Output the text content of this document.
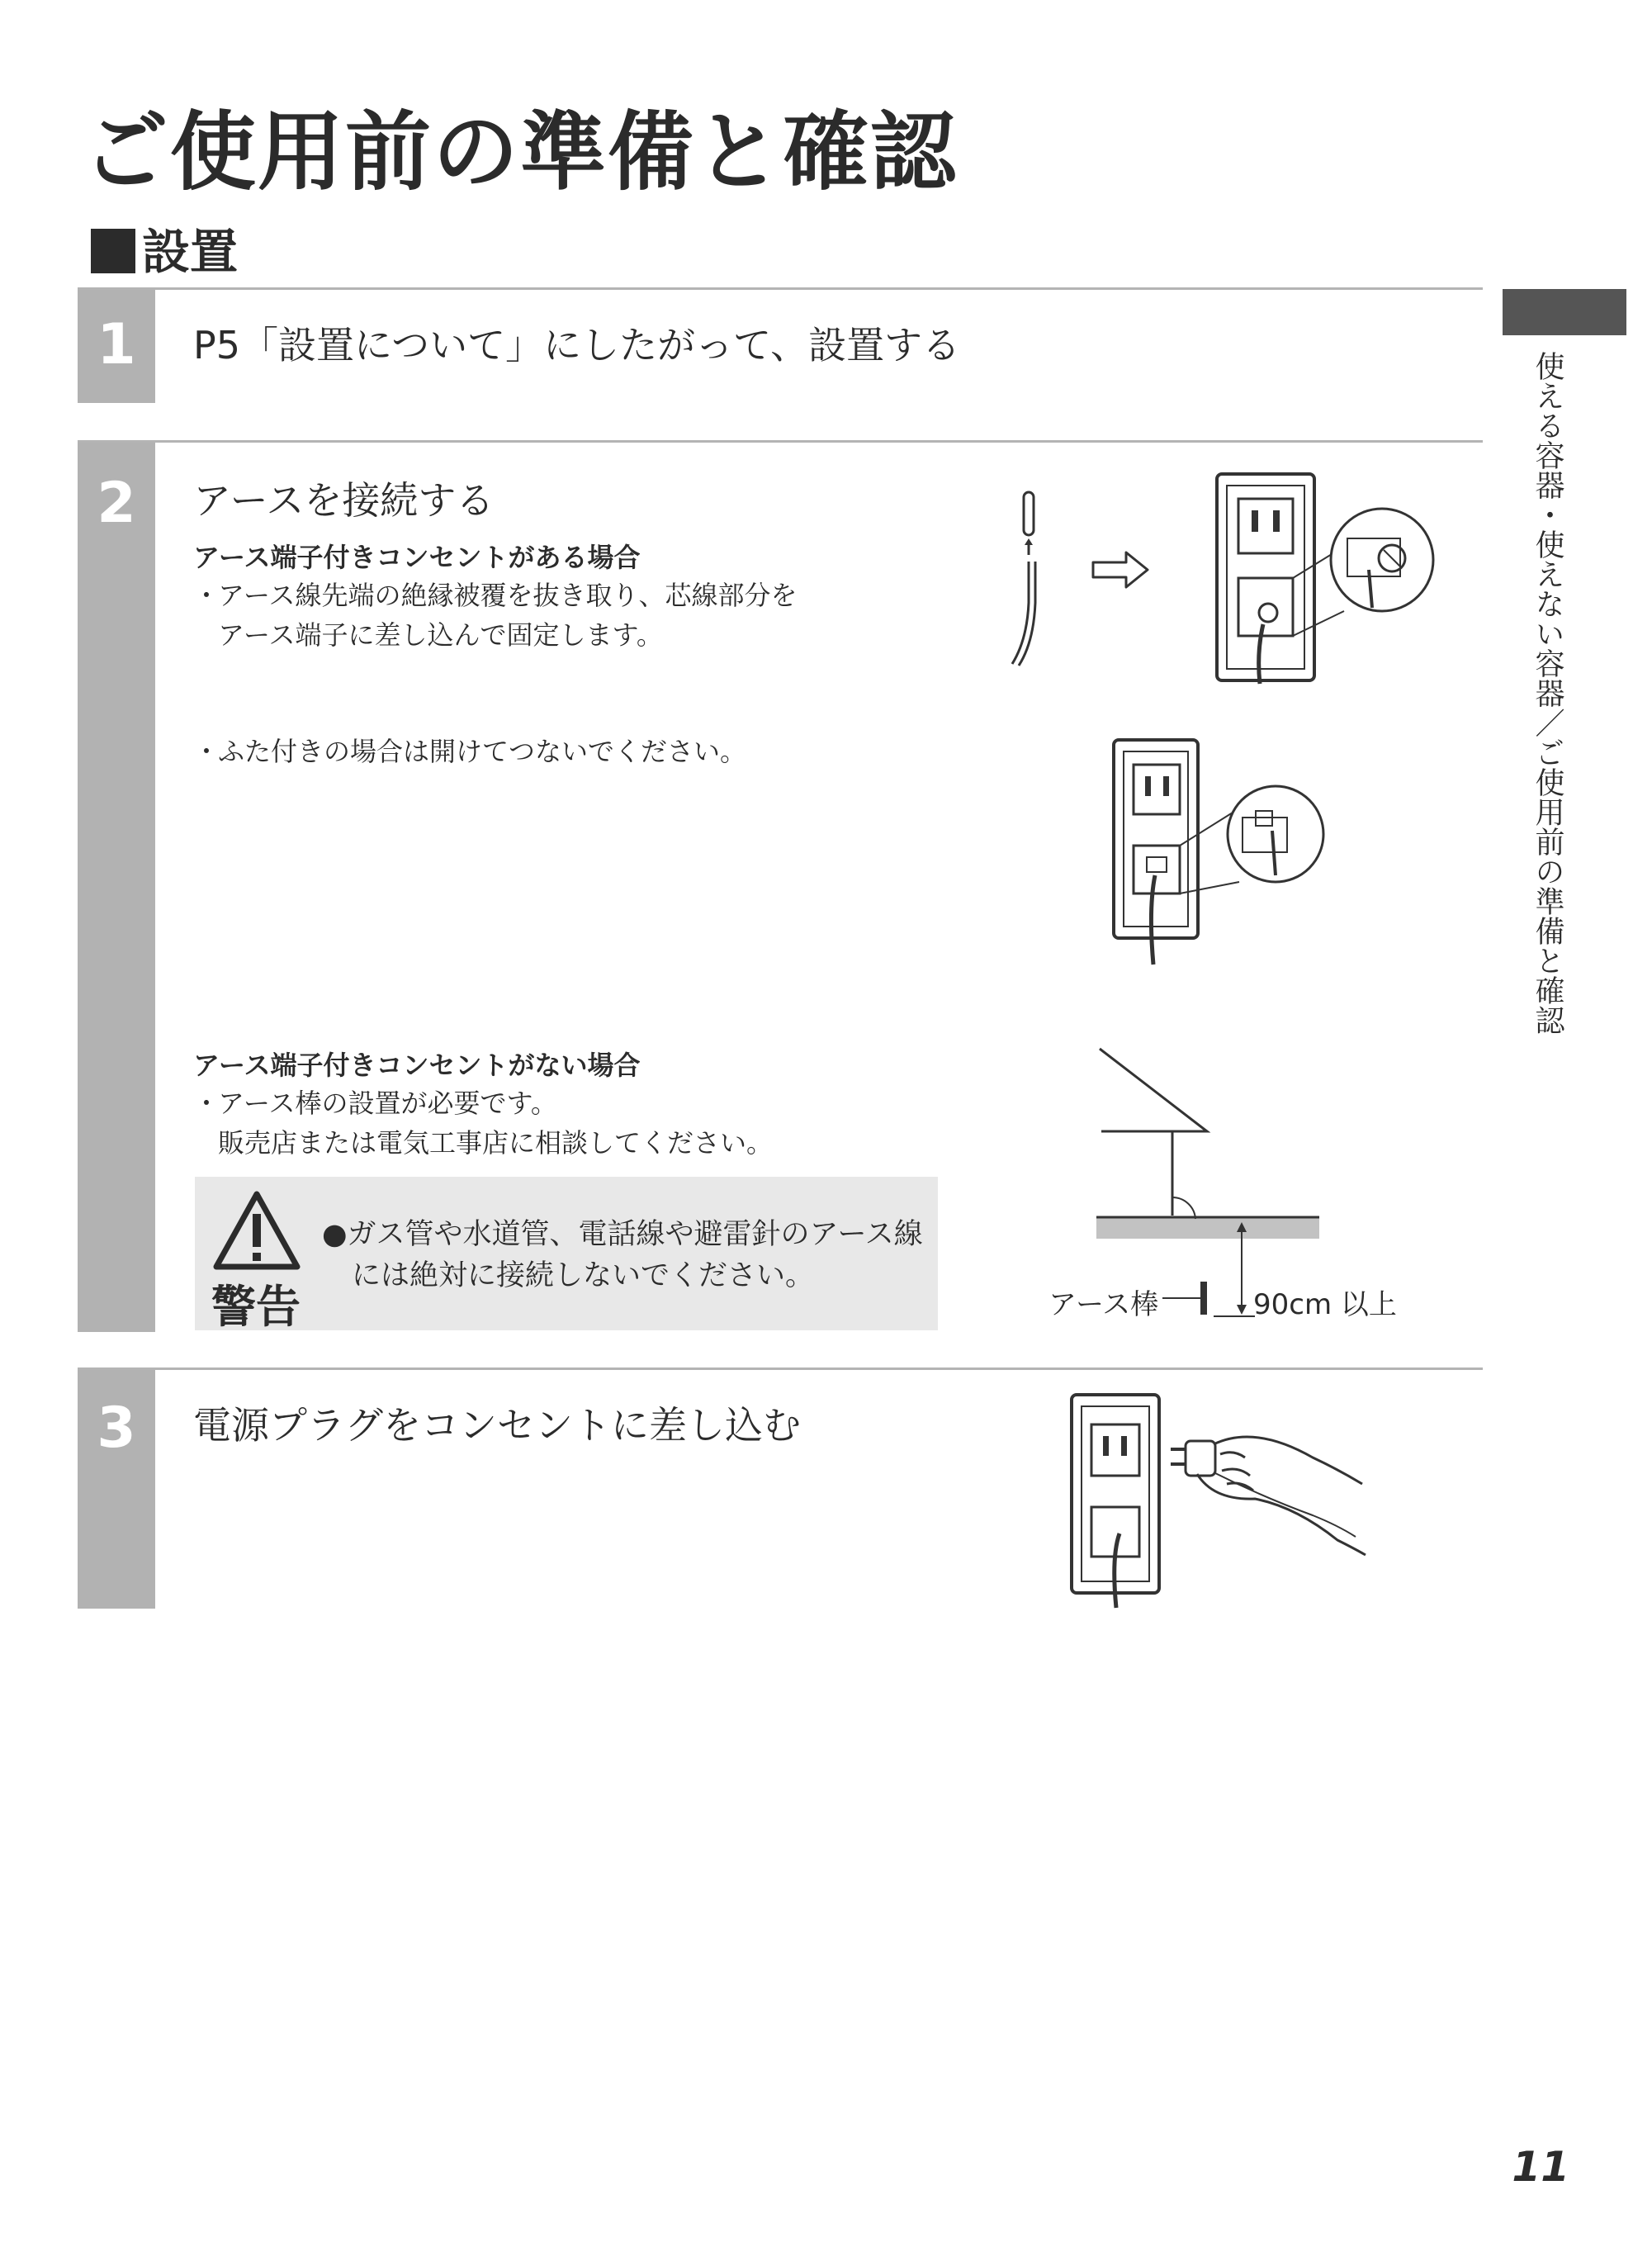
ご使用前の準備と確認
設置
使える容器・使えない容器／ご使用前の準備と確認
1	P5「設置について」にしたがって、設置する
2	アースを接続する
アース端子付きコンセントがある場合
・アース線先端の絶縁被覆を抜き取り、芯線部分を
アース端子に差し込んで固定します。
・ふた付きの場合は開けてつないでください。
アース端子付きコンセントがない場合
・アース棒の設置が必要です。
販売店または電気工事店に相談してください。
警告
●ガス管や水道管、電話線や避雷針のアース線
には絶対に接続しないでください。
3	電源プラグをコンセントに差し込む
アース棒	90cm 以上
11
